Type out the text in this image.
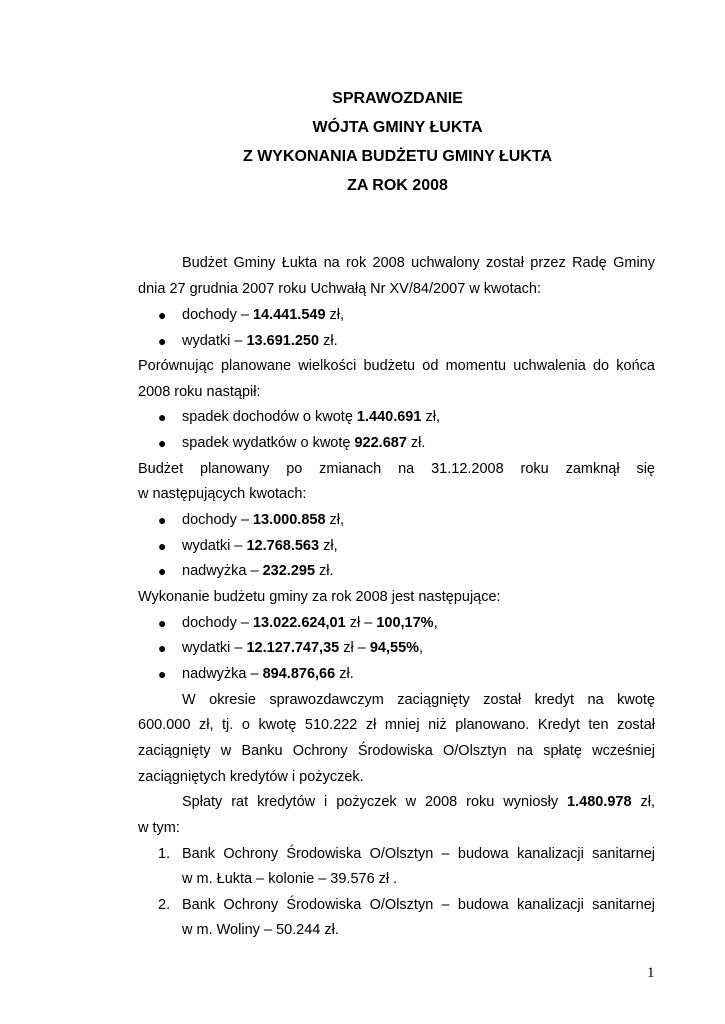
SPRAWOZDANIE
WÓJTA GMINY ŁUKTA
Z WYKONANIA BUDŻETU GMINY ŁUKTA
ZA ROK 2008
Budżet Gminy Łukta na rok 2008 uchwalony został przez Radę Gminy
dnia 27 grudnia 2007 roku Uchwałą Nr XV/84/2007 w kwotach:
● dochody – 14.441.549 zł,
● wydatki – 13.691.250 zł.
Porównując planowane wielkości budżetu od momentu uchwalenia do końca
2008 roku nastąpił:
● spadek dochodów o kwotę 1.440.691 zł,
● spadek wydatków o kwotę 922.687 zł.
Budżet planowany po zmianach na 31.12.2008 roku zamknął się
w następujących kwotach:
● dochody – 13.000.858 zł,
● wydatki – 12.768.563 zł,
● nadwyżka – 232.295 zł.
Wykonanie budżetu gminy za rok 2008 jest następujące:
● dochody – 13.022.624,01 zł – 100,17%,
● wydatki – 12.127.747,35 zł – 94,55%,
● nadwyżka – 894.876,66 zł.
W okresie sprawozdawczym zaciągnięty został kredyt na kwotę
600.000 zł, tj. o kwotę 510.222 zł mniej niż planowano. Kredyt ten został
zaciągnięty w Banku Ochrony Środowiska O/Olsztyn na spłatę wcześniej
zaciągniętych kredytów i pożyczek.
Spłaty rat kredytów i pożyczek w 2008 roku wyniosły 1.480.978 zł,
w tym:
1. Bank Ochrony Środowiska O/Olsztyn – budowa kanalizacji sanitarnej
w m. Łukta – kolonie – 39.576 zł .
2. Bank Ochrony Środowiska O/Olsztyn – budowa kanalizacji sanitarnej
w m. Woliny – 50.244 zł.
1
